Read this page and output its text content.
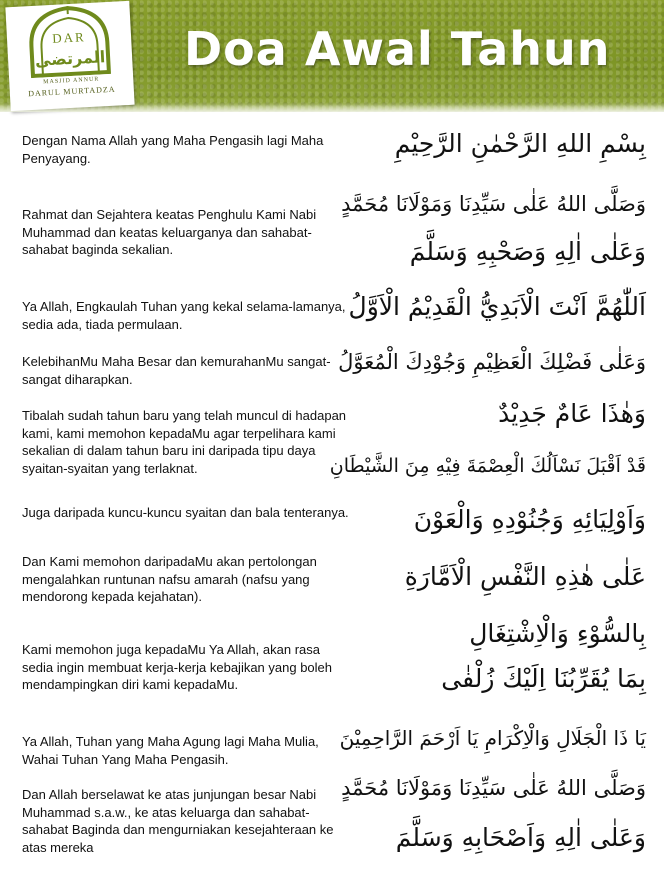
DAR
المرتضى
MASJID ANNUR
DARUL MURTADZA
Doa Awal Tahun
Dengan Nama Allah yang Maha Pengasih lagi Maha Penyayang.	بِسْمِ اللهِ الرَّحْمٰنِ الرَّحِيْمِ
Rahmat dan Sejahtera keatas Penghulu Kami Nabi Muhammad dan keatas keluarganya dan sahabat-sahabat baginda sekalian.
وَصَلَّى اللهُ عَلٰى سَيِّدِنَا وَمَوْلَانَا مُحَمَّدٍ
وَعَلٰى اٰلِهِ وَصَحْبِهِ وَسَلَّمَ
Ya Allah, Engkaulah Tuhan yang kekal selama-lamanya, sedia ada, tiada permulaan.
اَللّٰهُمَّ اَنْتَ الْاَبَدِيُّ الْقَدِيْمُ الْاَوَّلُ
KelebihanMu Maha Besar dan kemurahanMu sangat-sangat diharapkan.
وَعَلٰى فَضْلِكَ الْعَظِيْمِ وَجُوْدِكَ الْمُعَوَّلُ
Tibalah sudah tahun baru yang telah muncul di hadapan kami, kami memohon kepadaMu agar terpelihara kami sekalian di dalam tahun baru ini daripada tipu daya syaitan-syaitan yang terlaknat.
وَهٰذَا عَامٌ جَدِيْدٌ
قَدْ اَقْبَلَ نَسْاَلُكَ الْعِصْمَةَ فِيْهِ مِنَ الشَّيْطَانِ
Juga daripada kuncu-kuncu syaitan dan bala tenteranya.	وَاَوْلِيَائِهِ وَجُنُوْدِهِ وَالْعَوْنَ
Dan Kami memohon daripadaMu akan pertolongan mengalahkan runtunan nafsu amarah (nafsu yang mendorong kepada kejahatan).
عَلٰى هٰذِهِ النَّفْسِ الْاَمَّارَةِ
Kami memohon juga kepadaMu Ya Allah, akan rasa sedia ingin membuat kerja-kerja kebajikan yang boleh mendampingkan diri kami kepadaMu.
بِالسُّوْءِ وَالْاِشْتِغَالِ
بِمَا يُقَرِّبُنَا اِلَيْكَ زُلْفٰى
Ya Allah, Tuhan yang Maha Agung lagi Maha Mulia, Wahai Tuhan Yang Maha Pengasih.
يَا ذَا الْجَلَالِ وَالْاِكْرَامِ يَا اَرْحَمَ الرَّاحِمِيْنَ
Dan Allah berselawat ke atas junjungan besar Nabi Muhammad s.a.w., ke atas keluarga dan sahabat-sahabat Baginda dan mengurniakan kesejahteraan ke atas mereka
وَصَلَّى اللهُ عَلٰى سَيِّدِنَا وَمَوْلَانَا مُحَمَّدٍ
وَعَلٰى اٰلِهِ وَاَصْحَابِهِ وَسَلَّمَ
